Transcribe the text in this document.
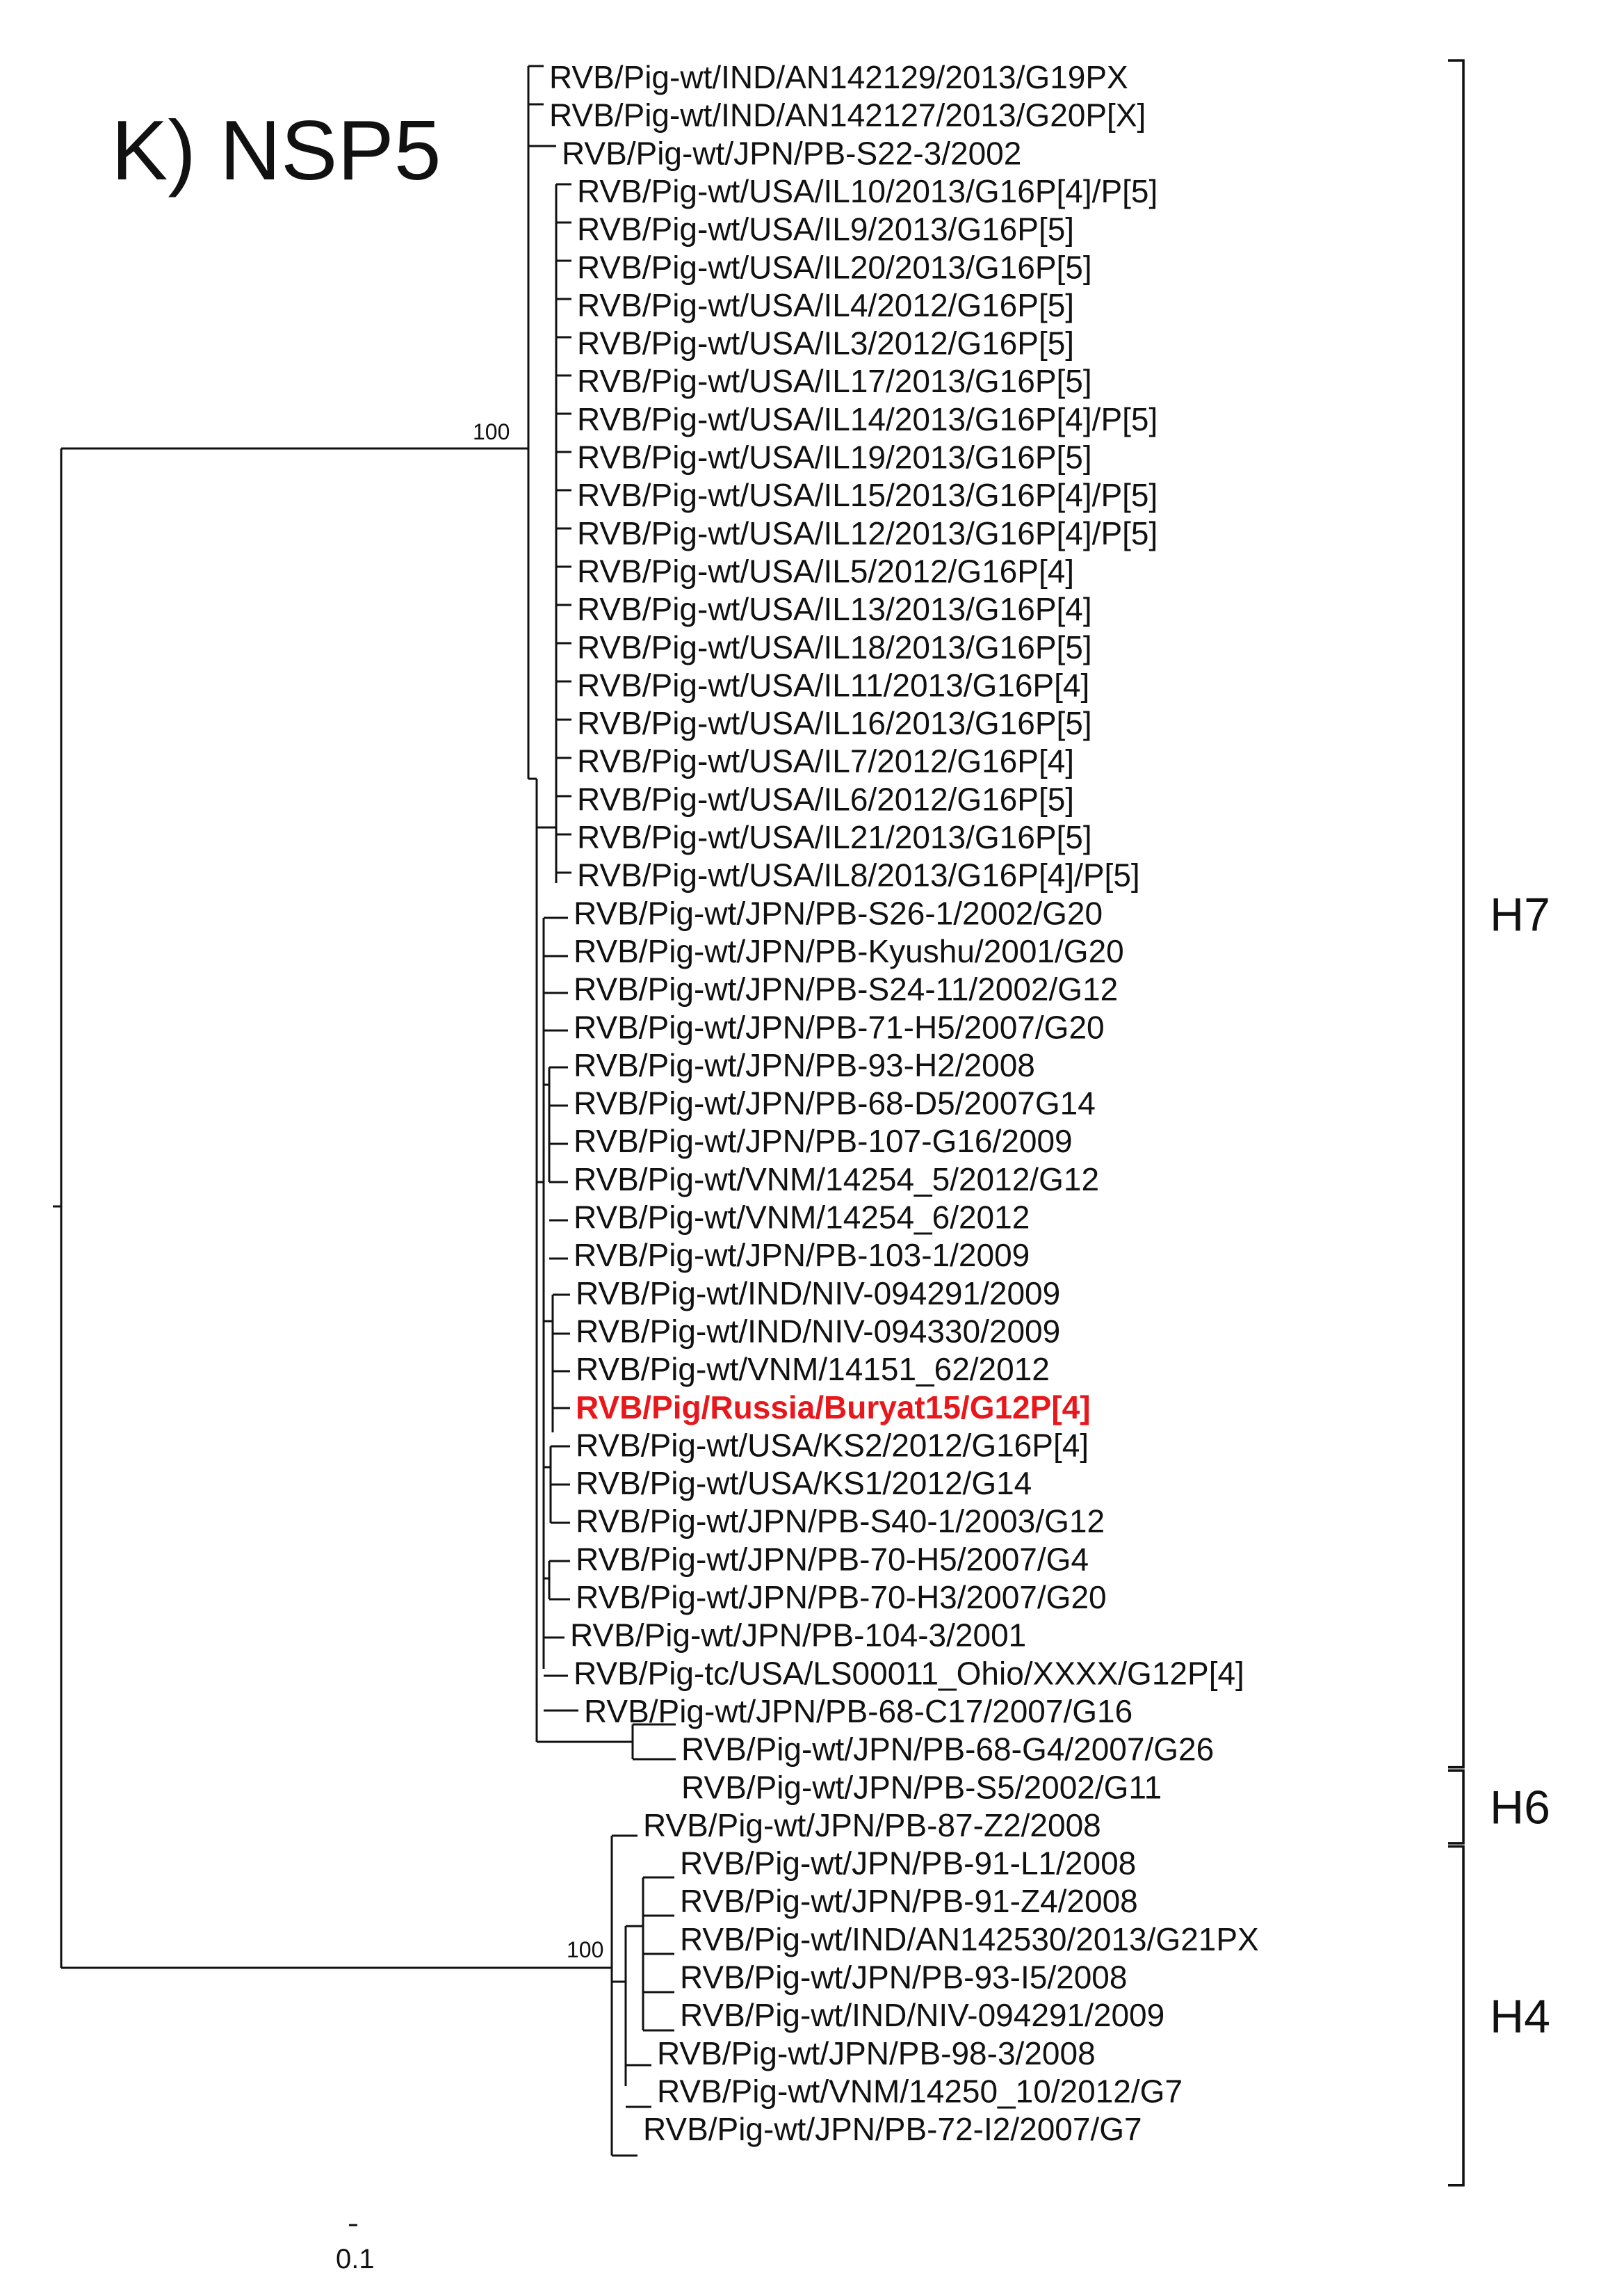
K) NSP5
100
100
RVB/Pig-wt/IND/AN142129/2013/G19PX
RVB/Pig-wt/IND/AN142127/2013/G20P[X]
RVB/Pig-wt/JPN/PB-S22-3/2002
RVB/Pig-wt/USA/IL10/2013/G16P[4]/P[5]
RVB/Pig-wt/USA/IL9/2013/G16P[5]
RVB/Pig-wt/USA/IL20/2013/G16P[5]
RVB/Pig-wt/USA/IL4/2012/G16P[5]
RVB/Pig-wt/USA/IL3/2012/G16P[5]
RVB/Pig-wt/USA/IL17/2013/G16P[5]
RVB/Pig-wt/USA/IL14/2013/G16P[4]/P[5]
RVB/Pig-wt/USA/IL19/2013/G16P[5]
RVB/Pig-wt/USA/IL15/2013/G16P[4]/P[5]
RVB/Pig-wt/USA/IL12/2013/G16P[4]/P[5]
RVB/Pig-wt/USA/IL5/2012/G16P[4]
RVB/Pig-wt/USA/IL13/2013/G16P[4]
RVB/Pig-wt/USA/IL18/2013/G16P[5]
RVB/Pig-wt/USA/IL11/2013/G16P[4]
RVB/Pig-wt/USA/IL16/2013/G16P[5]
RVB/Pig-wt/USA/IL7/2012/G16P[4]
RVB/Pig-wt/USA/IL6/2012/G16P[5]
RVB/Pig-wt/USA/IL21/2013/G16P[5]
RVB/Pig-wt/USA/IL8/2013/G16P[4]/P[5]
RVB/Pig-wt/JPN/PB-S26-1/2002/G20
RVB/Pig-wt/JPN/PB-Kyushu/2001/G20
RVB/Pig-wt/JPN/PB-S24-11/2002/G12
RVB/Pig-wt/JPN/PB-71-H5/2007/G20
RVB/Pig-wt/JPN/PB-93-H2/2008
RVB/Pig-wt/JPN/PB-68-D5/2007G14
RVB/Pig-wt/JPN/PB-107-G16/2009
RVB/Pig-wt/VNM/14254_5/2012/G12
RVB/Pig-wt/VNM/14254_6/2012
RVB/Pig-wt/JPN/PB-103-1/2009
RVB/Pig-wt/IND/NIV-094291/2009
RVB/Pig-wt/IND/NIV-094330/2009
RVB/Pig-wt/VNM/14151_62/2012
RVB/Pig/Russia/Buryat15/G12P[4]
RVB/Pig-wt/USA/KS2/2012/G16P[4]
RVB/Pig-wt/USA/KS1/2012/G14
RVB/Pig-wt/JPN/PB-S40-1/2003/G12
RVB/Pig-wt/JPN/PB-70-H5/2007/G4
RVB/Pig-wt/JPN/PB-70-H3/2007/G20
RVB/Pig-wt/JPN/PB-104-3/2001
RVB/Pig-tc/USA/LS00011_Ohio/XXXX/G12P[4]
RVB/Pig-wt/JPN/PB-68-C17/2007/G16
RVB/Pig-wt/JPN/PB-68-G4/2007/G26
RVB/Pig-wt/JPN/PB-S5/2002/G11
RVB/Pig-wt/JPN/PB-87-Z2/2008
RVB/Pig-wt/JPN/PB-91-L1/2008
RVB/Pig-wt/JPN/PB-91-Z4/2008
RVB/Pig-wt/IND/AN142530/2013/G21PX
RVB/Pig-wt/JPN/PB-93-I5/2008
RVB/Pig-wt/IND/NIV-094291/2009
RVB/Pig-wt/JPN/PB-98-3/2008
RVB/Pig-wt/VNM/14250_10/2012/G7
RVB/Pig-wt/JPN/PB-72-I2/2007/G7
H7
H6
H4
0.1
